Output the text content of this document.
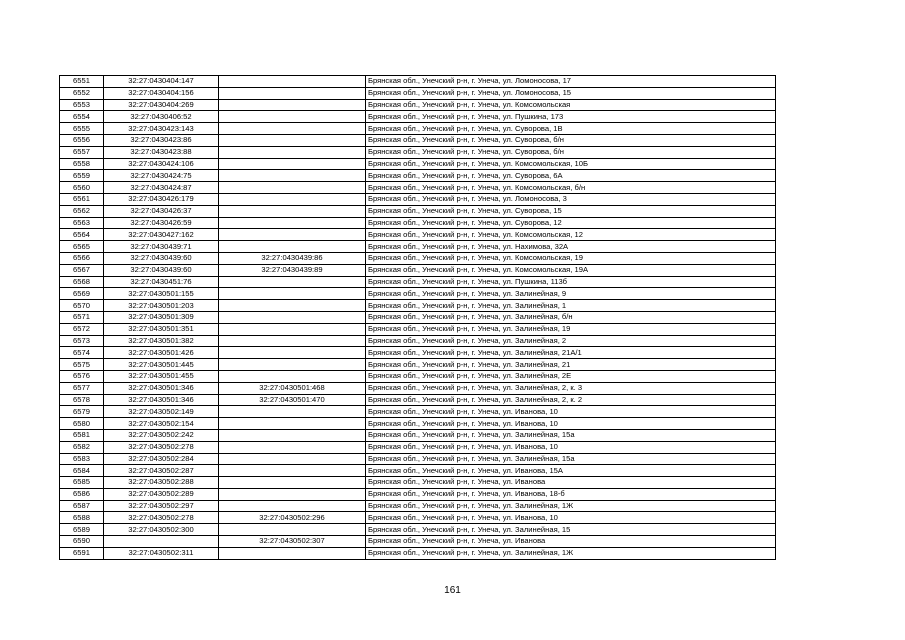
6551	32:27:0430404:147		Брянская обл., Унечский р-н, г. Унеча, ул. Ломоносова, 17
6552	32:27:0430404:156		Брянская обл., Унечский р-н, г. Унеча, ул. Ломоносова, 15
6553	32:27:0430404:269		Брянская обл., Унечский р-н, г. Унеча, ул. Комсомольская
6554	32:27:0430406:52		Брянская обл., Унечский р-н, г. Унеча, ул. Пушкина, 173
6555	32:27:0430423:143		Брянская обл., Унечский р-н, г. Унеча, ул. Суворова, 1В
6556	32:27:0430423:86		Брянская обл., Унечский р-н, г. Унеча, ул. Суворова, б/н
6557	32:27:0430423:88		Брянская обл., Унечский р-н, г. Унеча, ул. Суворова, б/н
6558	32:27:0430424:106		Брянская обл., Унечский р-н, г. Унеча, ул. Комсомольская, 10Б
6559	32:27:0430424:75		Брянская обл., Унечский р-н, г. Унеча, ул. Суворова, 6А
6560	32:27:0430424:87		Брянская обл., Унечский р-н, г. Унеча, ул. Комсомольская, б/н
6561	32:27:0430426:179		Брянская обл., Унечский р-н, г. Унеча, ул. Ломоносова, 3
6562	32:27:0430426:37		Брянская обл., Унечский р-н, г. Унеча, ул. Суворова, 15
6563	32:27:0430426:59		Брянская обл., Унечский р-н, г. Унеча, ул. Суворова, 12
6564	32:27:0430427:162		Брянская обл., Унечский р-н, г. Унеча, ул. Комсомольская, 12
6565	32:27:0430439:71		Брянская обл., Унечский р-н, г. Унеча, ул. Нахимова, 32А
6566	32:27:0430439:60	32:27:0430439:86	Брянская обл., Унечский р-н, г. Унеча, ул. Комсомольская, 19
6567	32:27:0430439:60	32:27:0430439:89	Брянская обл., Унечский р-н, г. Унеча, ул. Комсомольская, 19А
6568	32:27:0430451:76		Брянская обл., Унечский р-н, г. Унеча, ул. Пушкина, 113б
6569	32:27:0430501:155		Брянская обл., Унечский р-н, г. Унеча, ул. Залинейная, 9
6570	32:27:0430501:203		Брянская обл., Унечский р-н, г. Унеча, ул. Залинейная, 1
6571	32:27:0430501:309		Брянская обл., Унечский р-н, г. Унеча, ул. Залинейная, б/н
6572	32:27:0430501:351		Брянская обл., Унечский р-н, г. Унеча, ул. Залинейная, 19
6573	32:27:0430501:382		Брянская обл., Унечский р-н, г. Унеча, ул. Залинейная, 2
6574	32:27:0430501:426		Брянская обл., Унечский р-н, г. Унеча, ул. Залинейная, 21А/1
6575	32:27:0430501:445		Брянская обл., Унечский р-н, г. Унеча, ул. Залинейная, 21
6576	32:27:0430501:455		Брянская обл., Унечский р-н, г. Унеча, ул. Залинейная, 2Е
6577	32:27:0430501:346	32:27:0430501:468	Брянская обл., Унечский р-н, г. Унеча, ул. Залинейная, 2, к. 3
6578	32:27:0430501:346	32:27:0430501:470	Брянская обл., Унечский р-н, г. Унеча, ул. Залинейная, 2, к. 2
6579	32:27:0430502:149		Брянская обл., Унечский р-н, г. Унеча, ул. Иванова, 10
6580	32:27:0430502:154		Брянская обл., Унечский р-н, г. Унеча, ул. Иванова, 10
6581	32:27:0430502:242		Брянская обл., Унечский р-н, г. Унеча, ул. Залинейная, 15а
6582	32:27:0430502:278		Брянская обл., Унечский р-н, г. Унеча, ул. Иванова, 10
6583	32:27:0430502:284		Брянская обл., Унечский р-н, г. Унеча, ул. Залинейная, 15а
6584	32:27:0430502:287		Брянская обл., Унечский р-н, г. Унеча, ул. Иванова, 15А
6585	32:27:0430502:288		Брянская обл., Унечский р-н, г. Унеча, ул. Иванова
6586	32:27:0430502:289		Брянская обл., Унечский р-н, г. Унеча, ул. Иванова, 18-б
6587	32:27:0430502:297		Брянская обл., Унечский р-н, г. Унеча, ул. Залинейная, 1Ж
6588	32:27:0430502:278	32:27:0430502:296	Брянская обл., Унечский р-н, г. Унеча, ул. Иванова, 10
6589	32:27:0430502:300		Брянская обл., Унечский р-н, г. Унеча, ул. Залинейная, 15
6590		32:27:0430502:307	Брянская обл., Унечский р-н, г. Унеча, ул. Иванова
6591	32:27:0430502:311		Брянская обл., Унечский р-н, г. Унеча, ул. Залинейная, 1Ж
161
